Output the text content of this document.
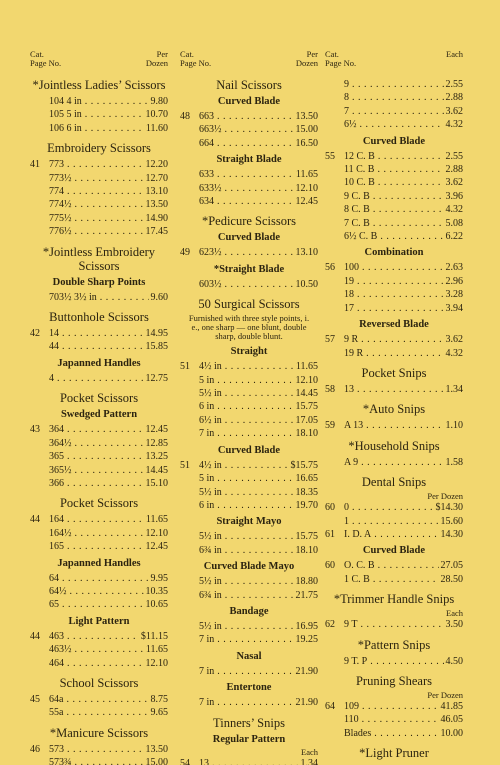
Cat.
Page No.
Per
Dozen
*Jointless Ladies’ Scissors
104 4 in . . .	9.80
105 5 in . . .	10.70
106 6 in . . .	11.60
Embroidery Scissors
41 773 . . .	12.20
773½ . . .	12.70
774 . . .	13.10
774½ . . .	13.50
775½ . . .	14.90
776½ . . .	17.45
*Jointless Embroidery Scissors
Double Sharp Points
703½ 3½ in . . .	9.60
Buttonhole Scissors
42 14 . . .	14.95
44 . . .	15.85
Japanned Handles
4 . . .	12.75
Pocket Scissors
Swedged Pattern
43 364 . . .	12.45
364½ . . .	12.85
365 . . .	13.25
365½ . . .	14.45
366 . . .	15.10
Pocket Scissors
44 164 . . .	11.65
164½ . . .	12.10
165 . . .	12.45
Japanned Handles
64 . . .	9.95
64½ . . .	10.35
65 . . .	10.65
Light Pattern
44 463 . . .	$11.15
463½ . . .	11.65
464 . . .	12.10
School Scissors
45 64a . . .	8.75
55a . . .	9.65
*Manicure Scissors
46 573 . . .	13.50
573¾ . . .	15.00
Cat.
Page No.
Per
Dozen
Nail Scissors
Curved Blade
48 663 . . .	13.50
663½ . . .	15.00
664 . . .	16.50
Straight Blade
633 . . .	11.65
633½ . . .	12.10
634 . . .	12.45
*Pedicure Scissors
Curved Blade
49 623½ . . .	13.10
*Straight Blade
603½ . . .	10.50
50 Surgical Scissors
Furnished with three style points, i. e., one sharp — one blunt, double sharp, double blunt.
Straight
51 4½ in . . .	11.65
5 in . . .	12.10
5½ in . . .	14.45
6 in . . .	15.75
6½ in . . .	17.05
7 in . . .	18.10
Curved Blade
51 4½ in . . .	$15.75
5 in . . .	16.65
5½ in . . .	18.35
6 in . . .	19.70
Straight Mayo
5½ in . . .	15.75
6¾ in . . .	18.10
Curved Blade Mayo
5½ in . . .	18.80
6¾ in . . .	21.75
Bandage
5½ in . . .	16.95
7 in . . .	19.25
Nasal
7 in . . .	21.90
Entertone
7 in . . .	21.90
Tinners’ Snips
Regular Pattern
Each
54 13 . . .	1.34
Cat.
Page No.
Each
9 . . .	2.55
8 . . .	2.88
7 . . .	3.62
6½ . . .	4.32
Curved Blade
55 12 C. B . . .	2.55
11 C. B . . .	2.88
10 C. B . . .	3.62
9 C. B . . .	3.96
8 C. B . . .	4.32
7 C. B . . .	5.08
6½ C. B . . .	6.22
Combination
56 100 . . .	2.63
19 . . .	2.96
18 . . .	3.28
17 . . .	3.94
Reversed Blade
57 9 R . . .	3.62
19 R . . .	4.32
Pocket Snips
58 13 . . .	1.34
*Auto Snips
59 A 13 . . .	1.10
*Household Snips
A 9 . . .	1.58
Dental Snips
Per Dozen
60 0 . . .	$14.30
1 . . .	15.60
61 I. D. A . . .	14.30
Curved Blade
60 O. C. B . . .	27.05
1 C. B . . .	28.50
*Trimmer Handle Snips
Each
62 9 T . . .	3.50
*Pattern Snips
9 T. P . . .	4.50
Pruning Shears
Per Dozen
64 109 . . .	41.85
110 . . .	46.05
Blades . . .	10.00
*Light Pruner
. . .
